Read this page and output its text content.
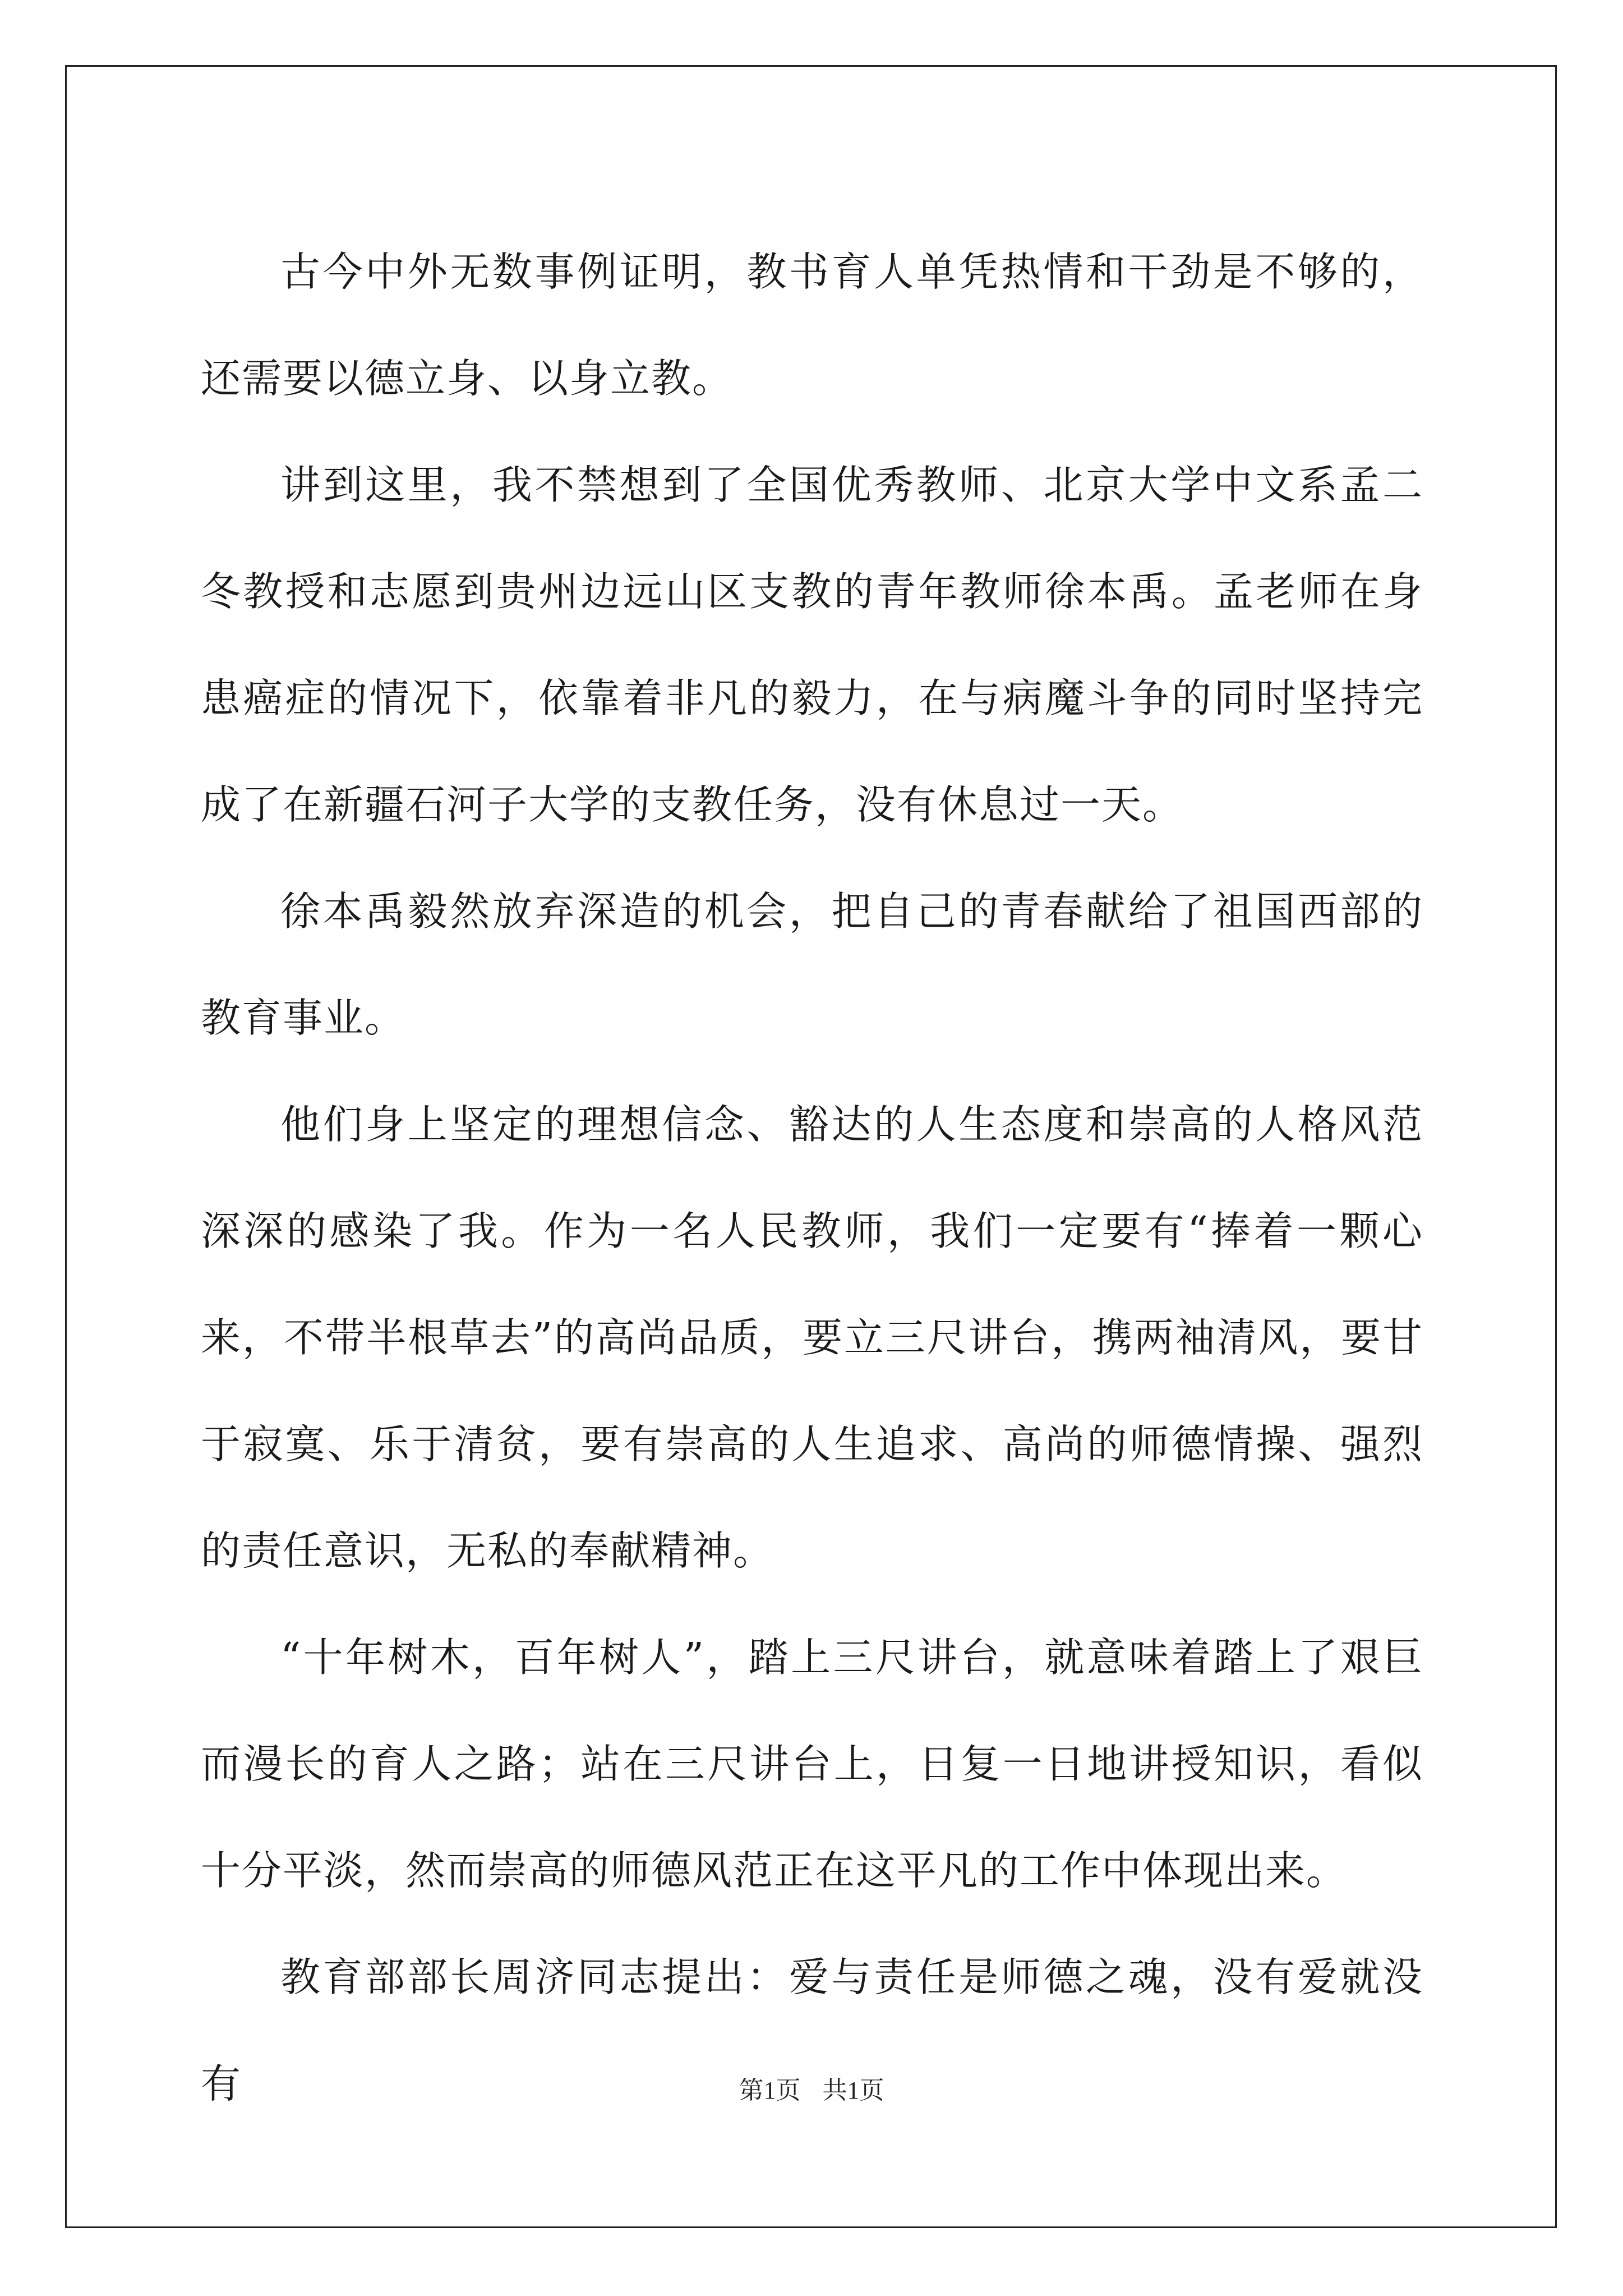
古今中外无数事例证明，教书育人单凭热情和干劲是不够的，还需要以德立身、以身立教。

讲到这里，我不禁想到了全国优秀教师、北京大学中文系孟二冬教授和志愿到贵州边远山区支教的青年教师徐本禹。孟老师在身患癌症的情况下，依靠着非凡的毅力，在与病魔斗争的同时坚持完成了在新疆石河子大学的支教任务，没有休息过一天。

徐本禹毅然放弃深造的机会，把自己的青春献给了祖国西部的教育事业。

他们身上坚定的理想信念、豁达的人生态度和崇高的人格风范深深的感染了我。作为一名人民教师，我们一定要有“捧着一颗心来，不带半根草去”的高尚品质，要立三尺讲台，携两袖清风，要甘于寂寞、乐于清贫，要有崇高的人生追求、高尚的师德情操、强烈的责任意识，无私的奉献精神。

“十年树木，百年树人”，踏上三尺讲台，就意味着踏上了艰巨而漫长的育人之路；站在三尺讲台上，日复一日地讲授知识，看似十分平淡，然而崇高的师德风范正在这平凡的工作中体现出来。

教育部部长周济同志提出：爱与责任是师德之魂，没有爱就没有	第1页 共1页
